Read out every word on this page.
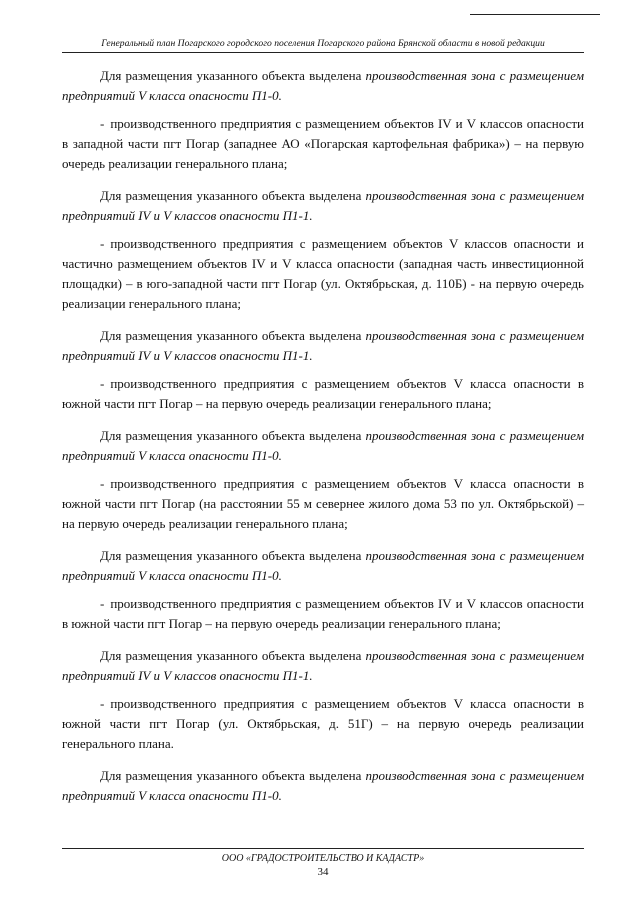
Генеральный план Погарского городского поселения Погарского района Брянской области в новой редакции

Для размещения указанного объекта выделена производственная зона с размещением предприятий V класса опасности П1-0.

- производственного предприятия с размещением объектов IV и V классов опасности в западной части пгт Погар (западнее АО «Погарская картофельная фабрика») – на первую очередь реализации генерального плана;

Для размещения указанного объекта выделена производственная зона с размещением предприятий IV и V классов опасности П1-1.

- производственного предприятия с размещением объектов V классов опасности и частично размещением объектов IV и V класса опасности (западная часть инвестиционной площадки) – в юго-западной части пгт Погар (ул. Октябрьская, д. 110Б) - на первую очередь реализации генерального плана;

Для размещения указанного объекта выделена производственная зона с размещением предприятий IV и V классов опасности П1-1.

- производственного предприятия с размещением объектов V класса опасности в южной части пгт Погар – на первую очередь реализации генерального плана;

Для размещения указанного объекта выделена производственная зона с размещением предприятий V класса опасности П1-0.

- производственного предприятия с размещением объектов V класса опасности в южной части пгт Погар (на расстоянии 55 м севернее жилого дома 53 по ул. Октябрьской) – на первую очередь реализации генерального плана;

Для размещения указанного объекта выделена производственная зона с размещением предприятий V класса опасности П1-0.

- производственного предприятия с размещением объектов IV и V классов опасности в южной части пгт Погар – на первую очередь реализации генерального плана;

Для размещения указанного объекта выделена производственная зона с размещением предприятий IV и V классов опасности П1-1.

- производственного предприятия с размещением объектов V класса опасности в южной части пгт Погар (ул. Октябрьская, д. 51Г) – на первую очередь реализации генерального плана.

Для размещения указанного объекта выделена производственная зона с размещением предприятий V класса опасности П1-0.

ООО «ГРАДОСТРОИТЕЛЬСТВО И КАДАСТР»
34
